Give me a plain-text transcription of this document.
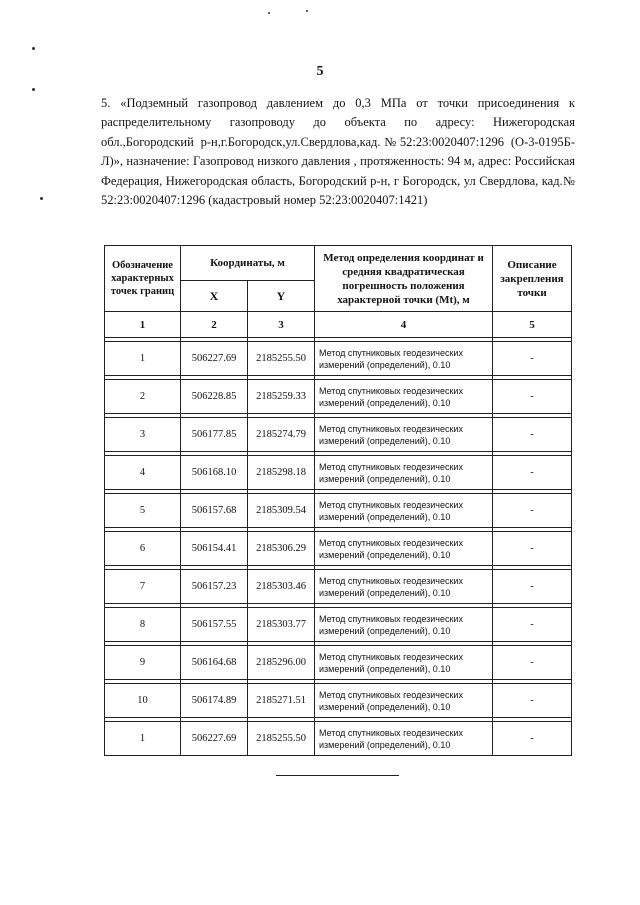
5
5. «Подземный газопровод давлением до 0,3 МПа от точки присоединения к распределительному газопроводу до объекта по адресу: Нижегородская обл.,Богородский р-н,г.Богородск,ул.Свердлова,кад.№52:23:0020407:1296 (О-3-0195Б-Л)», назначение: Газопровод низкого давления , протяженность: 94 м, адрес: Российская Федерация, Нижегородская область, Богородский р-н, г Богородск, ул Свердлова, кад.№ 52:23:0020407:1296 (кадастровый номер 52:23:0020407:1421)
Обозначение характерных точек границ	Координаты, м		Метод определения координат и средняя квадратическая погрешность положения характерной точки (Mt), м	Описание закрепления точки
	X	Y		
1	2	3	4	5

1	506227.69	2185255.50	Метод спутниковых геодезических измерений (определений), 0.10	-

2	506228.85	2185259.33	Метод спутниковых геодезических измерений (определений), 0.10	-

3	506177.85	2185274.79	Метод спутниковых геодезических измерений (определений), 0.10	-

4	506168.10	2185298.18	Метод спутниковых геодезических измерений (определений), 0.10	-

5	506157.68	2185309.54	Метод спутниковых геодезических измерений (определений), 0.10	-

6	506154.41	2185306.29	Метод спутниковых геодезических измерений (определений), 0.10	-

7	506157.23	2185303.46	Метод спутниковых геодезических измерений (определений), 0.10	-

8	506157.55	2185303.77	Метод спутниковых геодезических измерений (определений), 0.10	-

9	506164.68	2185296.00	Метод спутниковых геодезических измерений (определений), 0.10	-

10	506174.89	2185271.51	Метод спутниковых геодезических измерений (определений), 0.10	-

1	506227.69	2185255.50	Метод спутниковых геодезических измерений (определений), 0.10	-
